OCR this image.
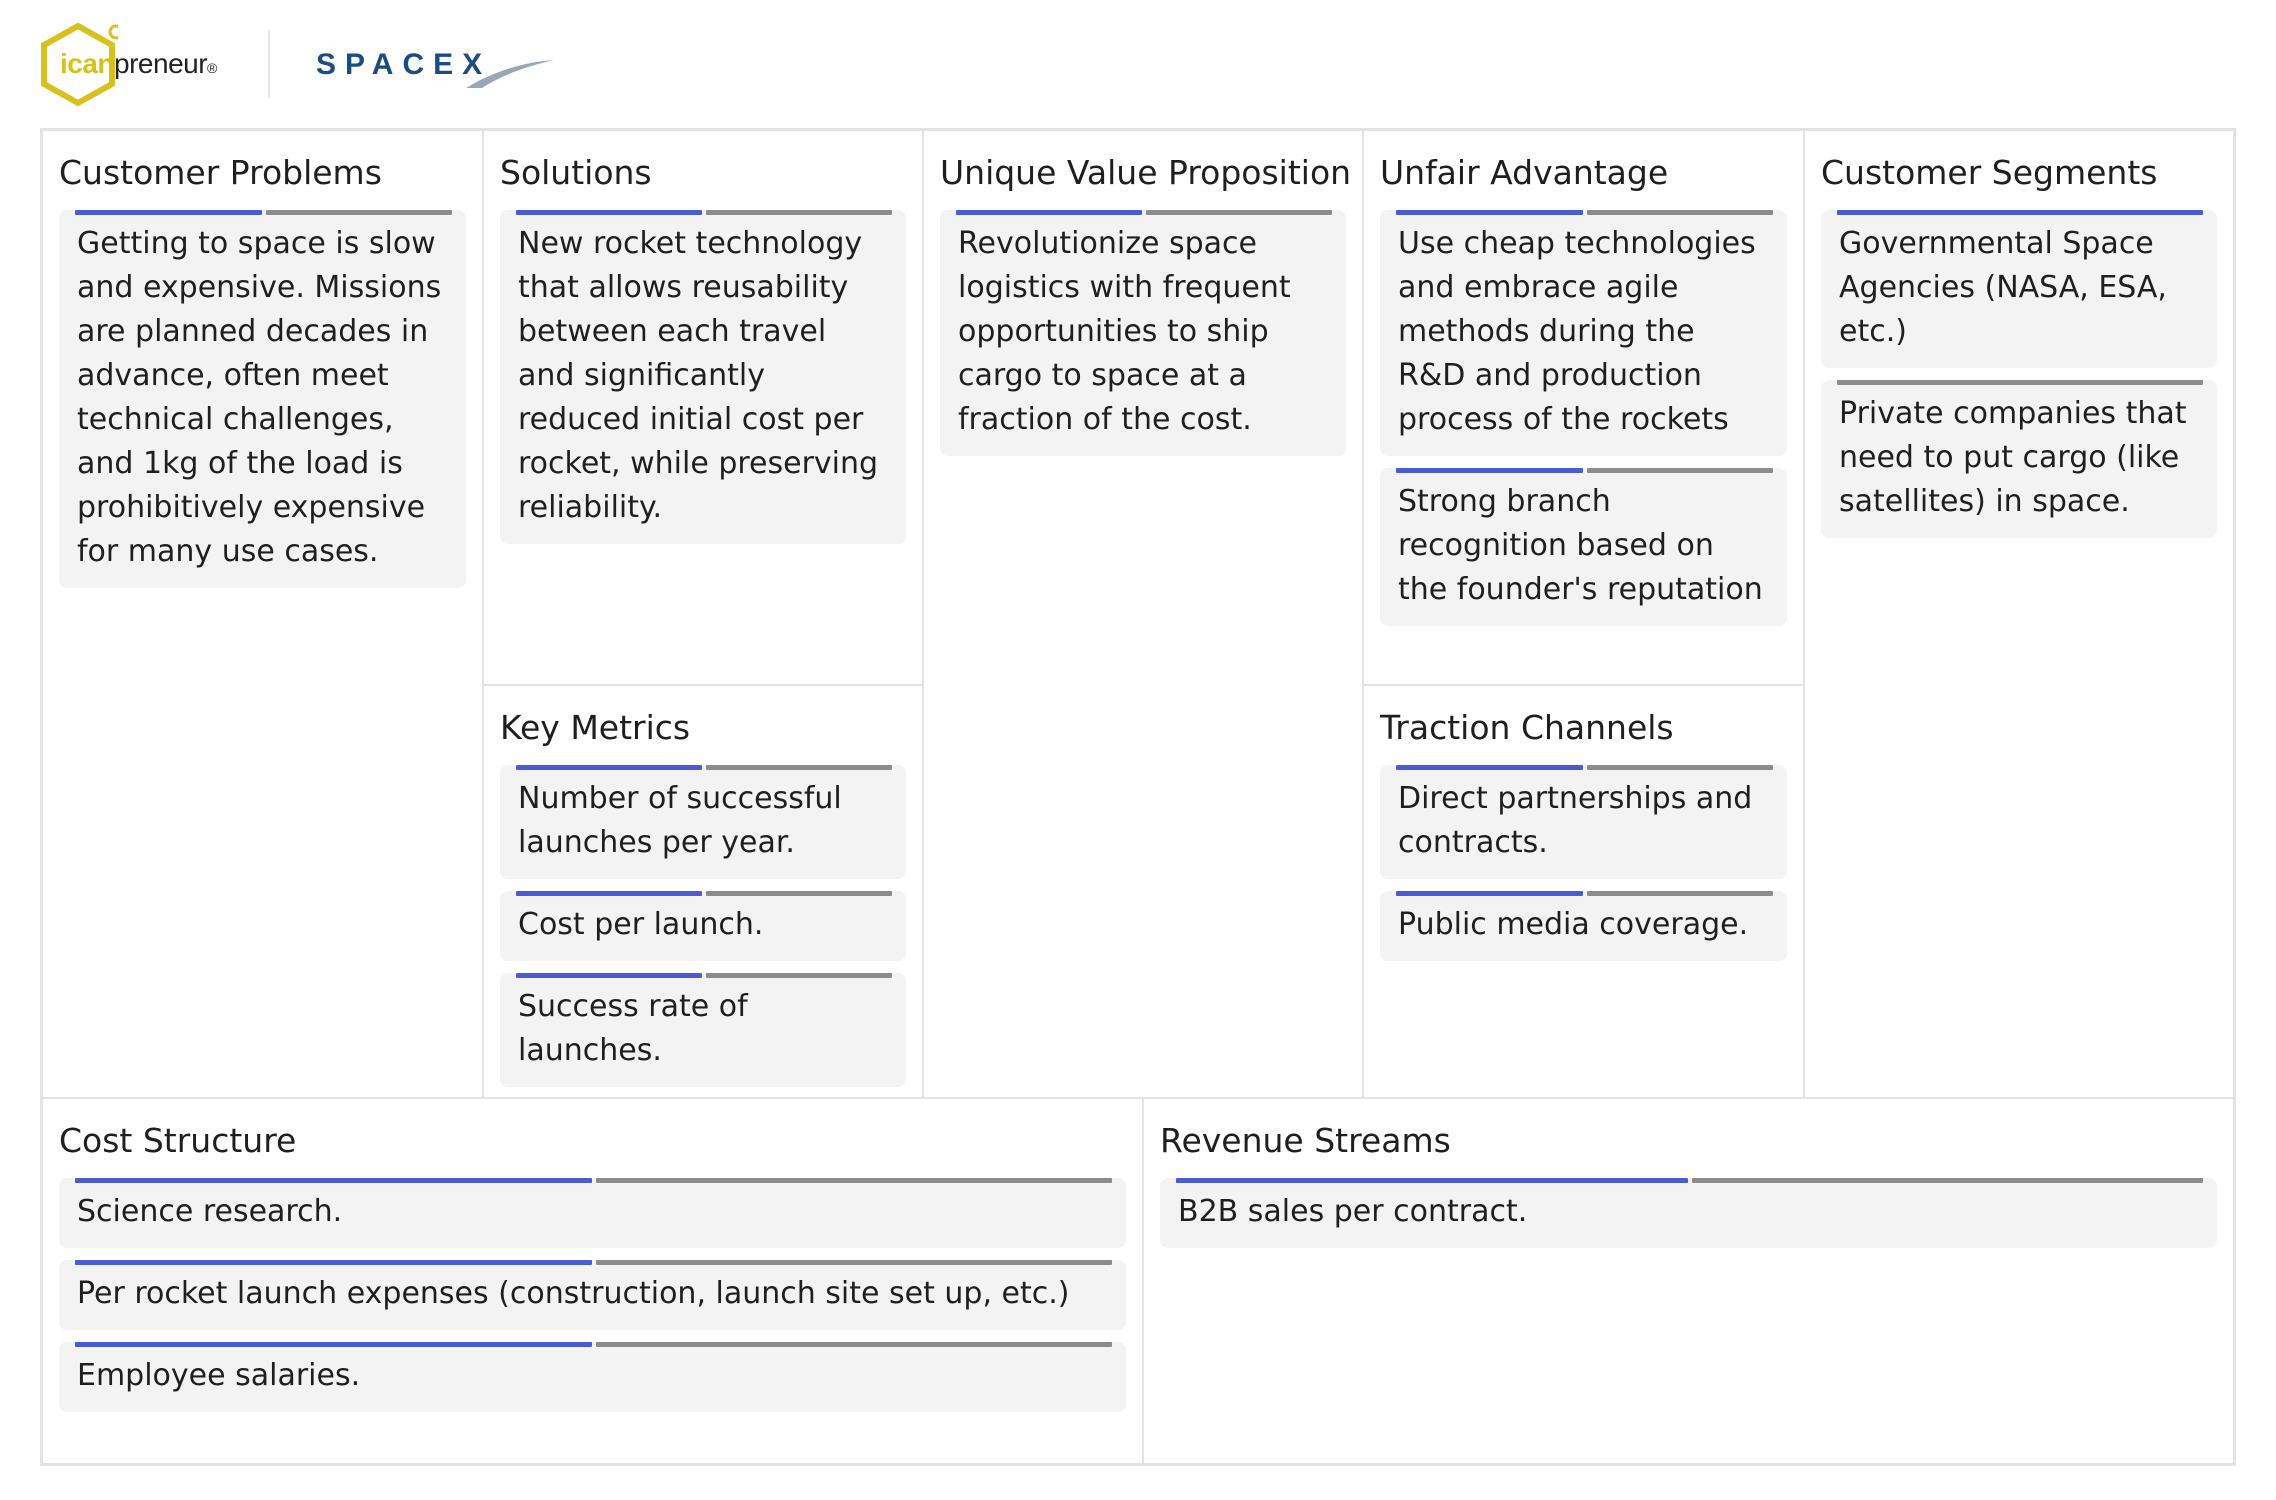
icanpreneur®	SPACEX
Customer Problems
Getting to space is slow and expensive. Missions are planned decades in advance, often meet technical challenges, and 1kg of the load is prohibitively expensive for many use cases.
Solutions
New rocket technology that allows reusability between each travel and significantly reduced initial cost per rocket, while preserving reliability.
Key Metrics
Number of successful launches per year.
Cost per launch.
Success rate of launches.
Unique Value Proposition
Revolutionize space logistics with frequent opportunities to ship cargo to space at a fraction of the cost.
Unfair Advantage
Use cheap technologies and embrace agile methods during the R&D and production process of the rockets
Strong branch recognition based on the founder's reputation
Traction Channels
Direct partnerships and contracts.
Public media coverage.
Customer Segments
Governmental Space Agencies (NASA, ESA, etc.)
Private companies that need to put cargo (like satellites) in space.
Cost Structure
Science research.
Per rocket launch expenses (construction, launch site set up, etc.)
Employee salaries.
Revenue Streams
B2B sales per contract.
